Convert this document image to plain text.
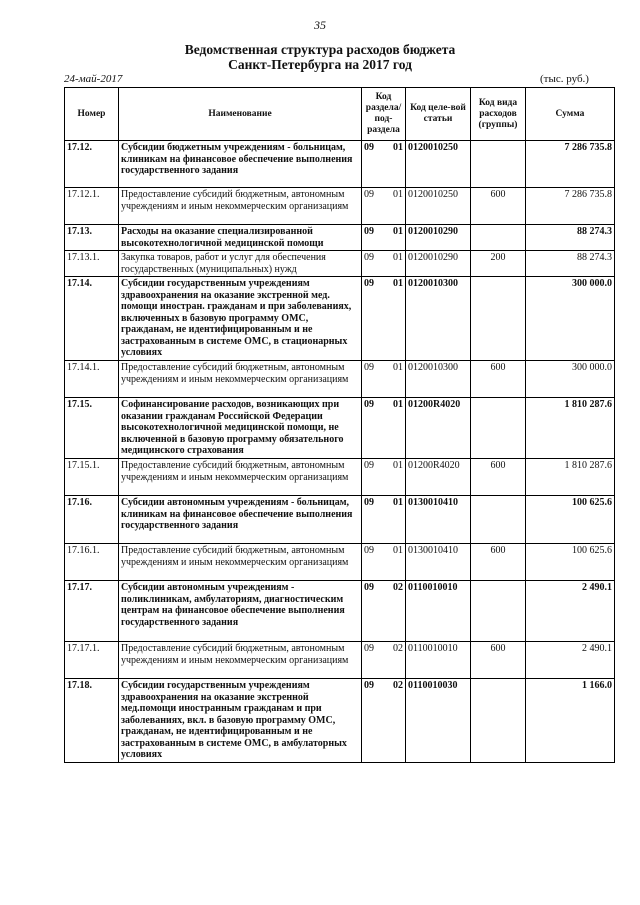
35
Ведомственная структура расходов бюджета
Санкт-Петербурга на 2017 год
24-май-2017	(тыс. руб.)
Номер	Наименование	Код раздела/ под-раздела	Код целе-вой статьи	Код вида расходов (группы)	Сумма
17.12.	Субсидии бюджетным учреждениям - больницам, клиникам на финансовое обеспечение выполнения государственного задания	09 01	0120010250		7 286 735.8
17.12.1.	Предоставление субсидий бюджетным, автономным учреждениям и иным некоммерческим организациям	09 01	0120010250	600	7 286 735.8
17.13.	Расходы на оказание специализированной высокотехнологичной медицинской помощи	09 01	0120010290		88 274.3
17.13.1.	Закупка товаров, работ и услуг для обеспечения государственных (муниципальных) нужд	09 01	0120010290	200	88 274.3
17.14.	Субсидии государственным учреждениям здравоохранения на оказание экстренной мед. помощи иностран. гражданам и при заболеваниях, включенных в базовую программу ОМС, гражданам, не идентифицированным и не застрахованным в системе ОМС, в стационарных условиях	09 01	0120010300		300 000.0
17.14.1.	Предоставление субсидий бюджетным, автономным учреждениям и иным некоммерческим организациям	09 01	0120010300	600	300 000.0
17.15.	Софинансирование расходов, возникающих при оказании гражданам Российской Федерации высокотехнологичной медицинской помощи, не включенной в базовую программу обязательного медицинского страхования	09 01	01200R4020		1 810 287.6
17.15.1.	Предоставление субсидий бюджетным, автономным учреждениям и иным некоммерческим организациям	09 01	01200R4020	600	1 810 287.6
17.16.	Субсидии автономным учреждениям - больницам, клиникам на финансовое обеспечение выполнения государственного задания	09 01	0130010410		100 625.6
17.16.1.	Предоставление субсидий бюджетным, автономным учреждениям и иным некоммерческим организациям	09 01	0130010410	600	100 625.6
17.17.	Субсидии автономным учреждениям - поликлиникам, амбулаториям, диагностическим центрам на финансовое обеспечение выполнения государственного задания	09 02	0110010010		2 490.1
17.17.1.	Предоставление субсидий бюджетным, автономным учреждениям и иным некоммерческим организациям	09 02	0110010010	600	2 490.1
17.18.	Субсидии государственным учреждениям здравоохранения на оказание экстренной мед.помощи иностранным гражданам и при заболеваниях, вкл. в базовую программу ОМС, гражданам, не идентифицированным и не застрахованным в системе ОМС, в амбулаторных условиях	09 02	0110010030		1 166.0
